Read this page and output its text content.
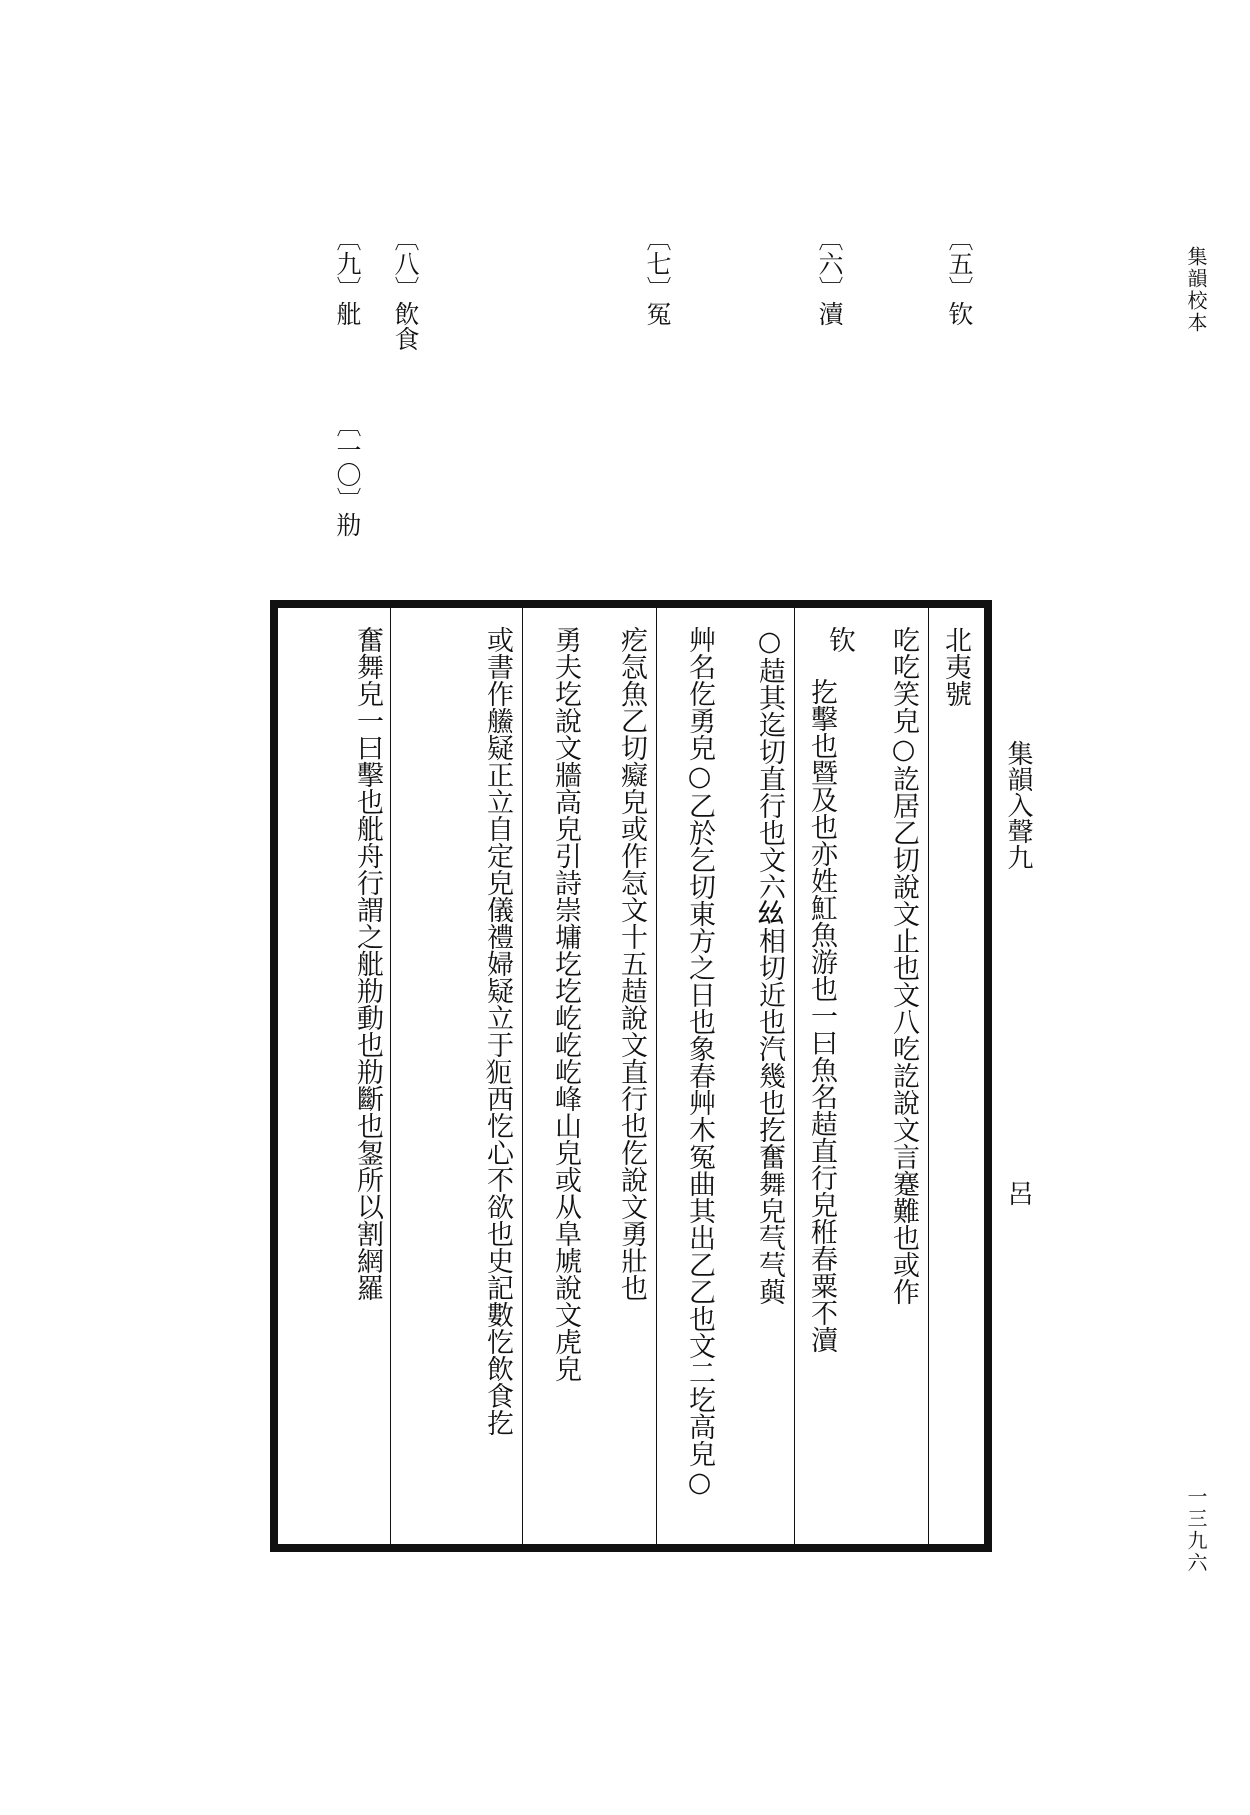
集韻校本
一三九六
〔五〕钦
〔六〕瀆
〔七〕冤
〔八〕飲食
〔九〕舭
〔一〇〕㔙
北夷號
吃吃笑皃○訖居乙切說文止也文八吃訖說文言蹇難也或作
钦
扢擊也暨及也亦姓魟魚游也一曰魚名趌直行皃秹春粟不瀆
○趌其迄切直行也文六𢆶相切近也汽幾也扢奮舞皃芞芞藇
艸名仡勇皃○乙於乞切東方之日也象春艸木冤曲其出乙乙也文二圪高皃○
疙忥魚乙切癡皃或作忥文十五趌說文直行也仡說文勇壯也
勇夫圪說文牆高皃引詩崇墉圪圪屹屹屹峰山皃或从阜虓說文虎皃
或書作䲍疑正立自定皃儀禮婦疑立于𤜸西忔心不欲也史記數忔飲食扢
奮舞皃一曰擊也舭舟行謂之舭㔙動也㔙斷也銞所以割網羅	集韻入聲九
呂
